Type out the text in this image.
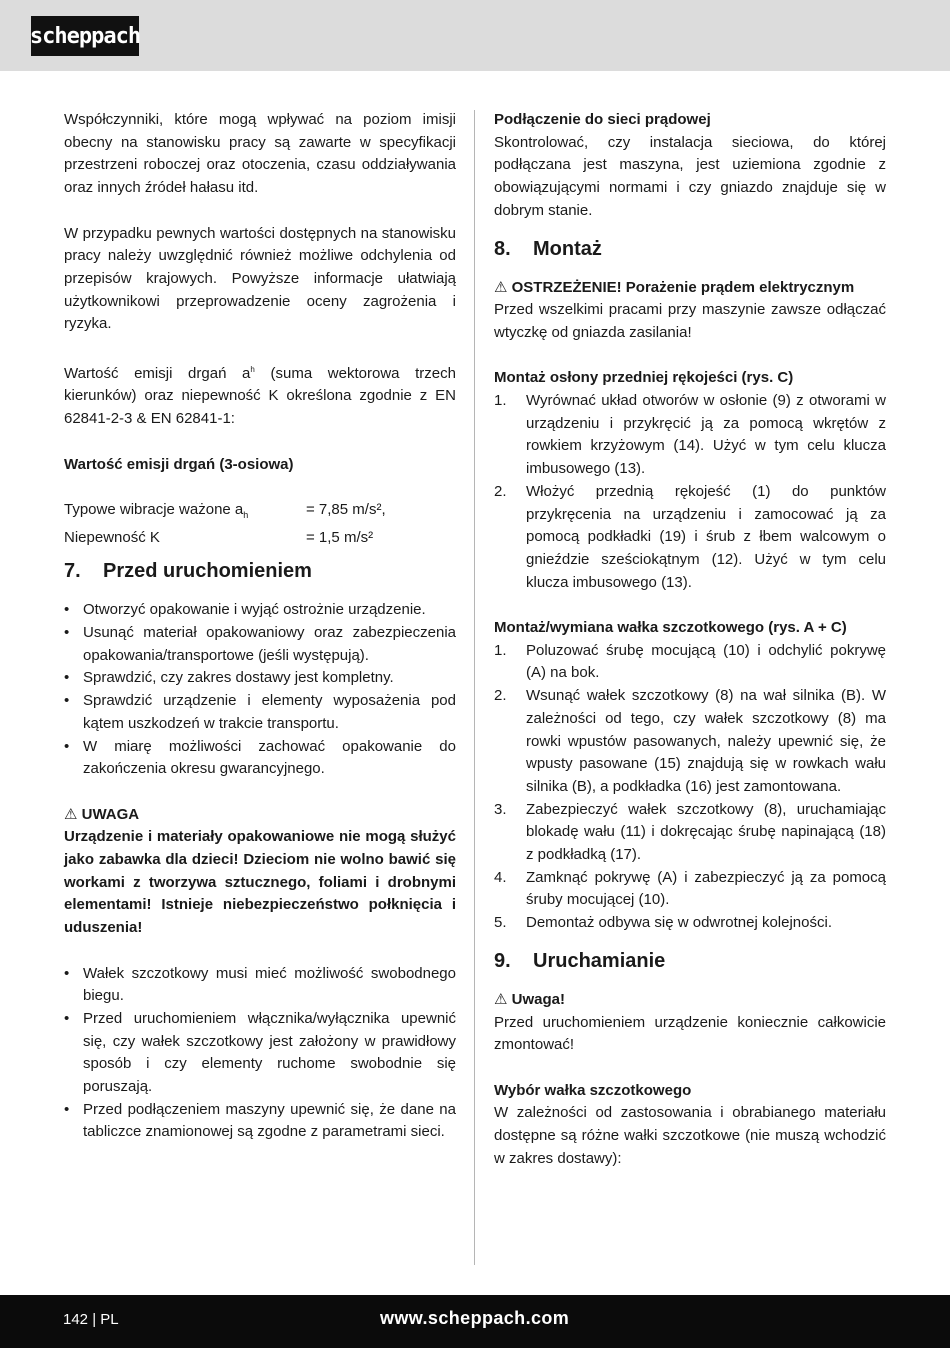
scheppach

Współczynniki, które mogą wpływać na poziom imisji obecny na stanowisku pracy są zawarte w specyfikacji przestrzeni roboczej oraz otoczenia, czasu oddziaływania oraz innych źródeł hałasu itd.

W przypadku pewnych wartości dostępnych na stanowisku pracy należy uwzględnić również możliwe odchylenia od przepisów krajowych. Powyższe informacje ułatwiają użytkownikowi przeprowadzenie oceny zagrożenia i ryzyka.

Wartość emisji drgań $a^h$ (suma wektorowa trzech kierunków) oraz niepewność K określona zgodnie z EN 62841-2-3 & EN 62841-1:

Wartość emisji drgań (3-osiowa)

Typowe wibracje ważone $a_h$	= 7,85 m/s²,
Niepewność K	= 1,5 m/s²
7.	Przed uruchomieniem
• Otworzyć opakowanie i wyjąć ostrożnie urządzenie.
• Usunąć materiał opakowaniowy oraz zabezpieczenia opakowania/transportowe (jeśli występują).
• Sprawdzić, czy zakres dostawy jest kompletny.
• Sprawdzić urządzenie i elementy wyposażenia pod kątem uszkodzeń w trakcie transportu.
• W miarę możliwości zachować opakowanie do zakończenia okresu gwarancyjnego.

⚠ UWAGA

Urządzenie i materiały opakowaniowe nie mogą służyć jako zabawka dla dzieci! Dzieciom nie wolno bawić się workami z tworzywa sztucznego, foliami i drobnymi elementami! Istnieje niebezpieczeństwo połknięcia i uduszenia!

• Wałek szczotkowy musi mieć możliwość swobodnego biegu.
• Przed uruchomieniem włącznika/wyłącznika upewnić się, czy wałek szczotkowy jest założony w prawidłowy sposób i czy elementy ruchome swobodnie się poruszają.
• Przed podłączeniem maszyny upewnić się, że dane na tabliczce znamionowej są zgodne z parametrami sieci.

Podłączenie do sieci prądowej

Skontrolować, czy instalacja sieciowa, do której podłączana jest maszyna, jest uziemiona zgodnie z obowiązującymi normami i czy gniazdo znajduje się w dobrym stanie.

8.	Montaż

⚠ OSTRZEŻENIE! Porażenie prądem elektrycznym

Przed wszelkimi pracami przy maszynie zawsze odłączać wtyczkę od gniazda zasilania!

Montaż osłony przedniej rękojeści (rys. C)

1. Wyrównać układ otworów w osłonie (9) z otworami w urządzeniu i przykręcić ją za pomocą wkrętów z rowkiem krzyżowym (14). Użyć w tym celu klucza imbusowego (13).
2. Włożyć przednią rękojeść (1) do punktów przykręcenia na urządzeniu i zamocować ją za pomocą podkładki (19) i śrub z łbem walcowym o gnieździe sześciokątnym (12). Użyć w tym celu klucza imbusowego (13).

Montaż/wymiana wałka szczotkowego (rys. A + C)

1. Poluzować śrubę mocującą (10) i odchylić pokrywę (A) na bok.
2. Wsunąć wałek szczotkowy (8) na wał silnika (B). W zależności od tego, czy wałek szczotkowy (8) ma rowki wpustów pasowanych, należy upewnić się, że wpusty pasowane (15) znajdują się w rowkach wału silnika (B), a podkładka (16) jest zamontowana.
3. Zabezpieczyć wałek szczotkowy (8), uruchamiając blokadę wału (11) i dokręcając śrubę napinającą (18) z podkładką (17).
4. Zamknąć pokrywę (A) i zabezpieczyć ją za pomocą śruby mocującej (10).
5. Demontaż odbywa się w odwrotnej kolejności.
9.	Uruchamianie

⚠ Uwaga!

Przed uruchomieniem urządzenie koniecznie całkowicie zmontować!

Wybór wałka szczotkowego

W zależności od zastosowania i obrabianego materiału dostępne są różne wałki szczotkowe (nie muszą wchodzić w zakres dostawy):

142 | PL	www.scheppach.com
